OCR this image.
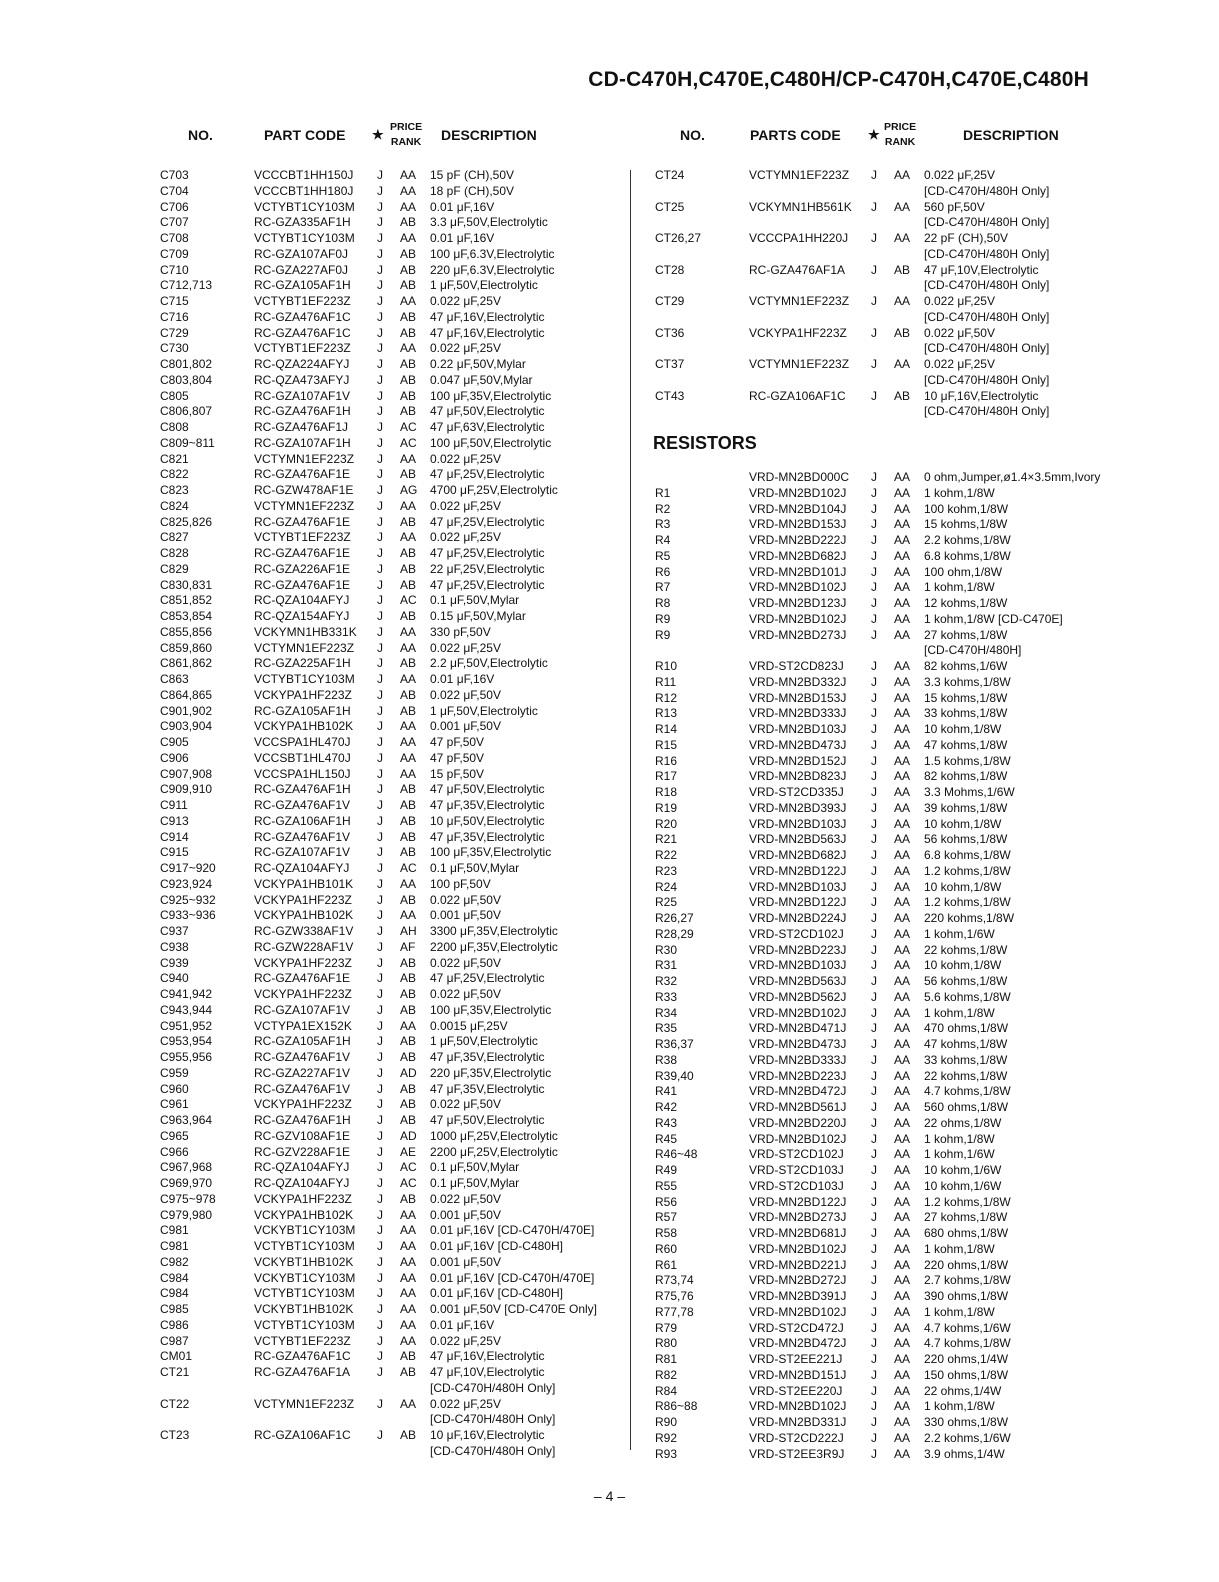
CD-C470H,C470E,C480H/CP-C470H,C470E,C480H
NO.	PART CODE ★ PRICE
RANK DESCRIPTION
C703	VCCCBT1HH150J J AA 15 pF (CH),50V
C704	VCCCBT1HH180J J AA 18 pF (CH),50V
C706	VCTYBT1CY103M J AA 0.01 μF,16V
C707	RC-GZA335AF1H J AB 3.3 μF,50V,Electrolytic
C708	VCTYBT1CY103M J AA 0.01 μF,16V
C709	RC-GZA107AF0J J AB 100 μF,6.3V,Electrolytic
C710	RC-GZA227AF0J J AB 220 μF,6.3V,Electrolytic
C712,713	RC-GZA105AF1H J AB 1 μF,50V,Electrolytic
C715	VCTYBT1EF223Z J AA 0.022 μF,25V
C716	RC-GZA476AF1C J AB 47 μF,16V,Electrolytic
C729	RC-GZA476AF1C J AB 47 μF,16V,Electrolytic
C730	VCTYBT1EF223Z J AA 0.022 μF,25V
C801,802	RC-QZA224AFYJ J AB 0.22 μF,50V,Mylar
C803,804	RC-QZA473AFYJ J AB 0.047 μF,50V,Mylar
C805	RC-GZA107AF1V J AB 100 μF,35V,Electrolytic
C806,807	RC-GZA476AF1H J AB 47 μF,50V,Electrolytic
C808	RC-GZA476AF1J J AC 47 μF,63V,Electrolytic
C809~811	RC-GZA107AF1H J AC 100 μF,50V,Electrolytic
C821	VCTYMN1EF223Z J AA 0.022 μF,25V
C822	RC-GZA476AF1E J AB 47 μF,25V,Electrolytic
C823	RC-GZW478AF1E J AG 4700 μF,25V,Electrolytic
C824	VCTYMN1EF223Z J AA 0.022 μF,25V
C825,826	RC-GZA476AF1E J AB 47 μF,25V,Electrolytic
C827	VCTYBT1EF223Z J AA 0.022 μF,25V
C828	RC-GZA476AF1E J AB 47 μF,25V,Electrolytic
C829	RC-GZA226AF1E J AB 22 μF,25V,Electrolytic
C830,831	RC-GZA476AF1E J AB 47 μF,25V,Electrolytic
C851,852	RC-QZA104AFYJ J AC 0.1 μF,50V,Mylar
C853,854	RC-QZA154AFYJ J AB 0.15 μF,50V,Mylar
C855,856	VCKYMN1HB331K J AA 330 pF,50V
C859,860	VCTYMN1EF223Z J AA 0.022 μF,25V
C861,862	RC-GZA225AF1H J AB 2.2 μF,50V,Electrolytic
C863	VCTYBT1CY103M J AA 0.01 μF,16V
C864,865	VCKYPA1HF223Z J AB 0.022 μF,50V
C901,902	RC-GZA105AF1H J AB 1 μF,50V,Electrolytic
C903,904	VCKYPA1HB102K J AA 0.001 μF,50V
C905	VCCSPA1HL470J J AA 47 pF,50V
C906	VCCSBT1HL470J J AA 47 pF,50V
C907,908	VCCSPA1HL150J J AA 15 pF,50V
C909,910	RC-GZA476AF1H J AB 47 μF,50V,Electrolytic
C911	RC-GZA476AF1V J AB 47 μF,35V,Electrolytic
C913	RC-GZA106AF1H J AB 10 μF,50V,Electrolytic
C914	RC-GZA476AF1V J AB 47 μF,35V,Electrolytic
C915	RC-GZA107AF1V J AB 100 μF,35V,Electrolytic
C917~920	RC-QZA104AFYJ J AC 0.1 μF,50V,Mylar
C923,924	VCKYPA1HB101K J AA 100 pF,50V
C925~932	VCKYPA1HF223Z J AB 0.022 μF,50V
C933~936	VCKYPA1HB102K J AA 0.001 μF,50V
C937	RC-GZW338AF1V J AH 3300 μF,35V,Electrolytic
C938	RC-GZW228AF1V J AF 2200 μF,35V,Electrolytic
C939	VCKYPA1HF223Z J AB 0.022 μF,50V
C940	RC-GZA476AF1E J AB 47 μF,25V,Electrolytic
C941,942	VCKYPA1HF223Z J AB 0.022 μF,50V
C943,944	RC-GZA107AF1V J AB 100 μF,35V,Electrolytic
C951,952	VCTYPA1EX152K J AA 0.0015 μF,25V
C953,954	RC-GZA105AF1H J AB 1 μF,50V,Electrolytic
C955,956	RC-GZA476AF1V J AB 47 μF,35V,Electrolytic
C959	RC-GZA227AF1V J AD 220 μF,35V,Electrolytic
C960	RC-GZA476AF1V J AB 47 μF,35V,Electrolytic
C961	VCKYPA1HF223Z J AB 0.022 μF,50V
C963,964	RC-GZA476AF1H J AB 47 μF,50V,Electrolytic
C965	RC-GZV108AF1E J AD 1000 μF,25V,Electrolytic
C966	RC-GZV228AF1E J AE 2200 μF,25V,Electrolytic
C967,968	RC-QZA104AFYJ J AC 0.1 μF,50V,Mylar
C969,970	RC-QZA104AFYJ J AC 0.1 μF,50V,Mylar
C975~978	VCKYPA1HF223Z J AB 0.022 μF,50V
C979,980	VCKYPA1HB102K J AA 0.001 μF,50V
C981	VCKYBT1CY103M J AA 0.01 μF,16V [CD-C470H/470E]
C981	VCTYBT1CY103M J AA 0.01 μF,16V [CD-C480H]
C982	VCKYBT1HB102K J AA 0.001 μF,50V
C984	VCKYBT1CY103M J AA 0.01 μF,16V [CD-C470H/470E]
C984	VCTYBT1CY103M J AA 0.01 μF,16V [CD-C480H]
C985	VCKYBT1HB102K J AA 0.001 μF,50V [CD-C470E Only]
C986	VCTYBT1CY103M J AA 0.01 μF,16V
C987	VCTYBT1EF223Z J AA 0.022 μF,25V
CM01	RC-GZA476AF1C J AB 47 μF,16V,Electrolytic
CT21	RC-GZA476AF1A J AB 47 μF,10V,Electrolytic
[CD-C470H/480H Only]
CT22	VCTYMN1EF223Z J AA 0.022 μF,25V
[CD-C470H/480H Only]
CT23	RC-GZA106AF1C J AB 10 μF,16V,Electrolytic
[CD-C470H/480H Only]
NO.	PARTS CODE ★ PRICE
RANK	DESCRIPTION
CT24	VCTYMN1EF223Z J AA 0.022 μF,25V
[CD-C470H/480H Only]
CT25	VCKYMN1HB561K J AA 560 pF,50V
[CD-C470H/480H Only]
CT26,27	VCCCPA1HH220J J AA 22 pF (CH),50V
[CD-C470H/480H Only]
CT28	RC-GZA476AF1A J AB 47 μF,10V,Electrolytic
[CD-C470H/480H Only]
CT29	VCTYMN1EF223Z J AA 0.022 μF,25V
[CD-C470H/480H Only]
CT36	VCKYPA1HF223Z J AB 0.022 μF,50V
[CD-C470H/480H Only]
CT37	VCTYMN1EF223Z J AA 0.022 μF,25V
[CD-C470H/480H Only]
CT43	RC-GZA106AF1C J AB 10 μF,16V,Electrolytic
[CD-C470H/480H Only]
RESISTORS
VRD-MN2BD000C J AA 0 ohm,Jumper,ø1.4×3.5mm,Ivory
R1	VRD-MN2BD102J J AA 1 kohm,1/8W
R2	VRD-MN2BD104J J AA 100 kohm,1/8W
R3	VRD-MN2BD153J J AA 15 kohms,1/8W
R4	VRD-MN2BD222J J AA 2.2 kohms,1/8W
R5	VRD-MN2BD682J J AA 6.8 kohms,1/8W
R6	VRD-MN2BD101J J AA 100 ohm,1/8W
R7	VRD-MN2BD102J J AA 1 kohm,1/8W
R8	VRD-MN2BD123J J AA 12 kohms,1/8W
R9	VRD-MN2BD102J J AA 1 kohm,1/8W [CD-C470E]
R9	VRD-MN2BD273J J AA 27 kohms,1/8W
[CD-C470H/480H]
R10	VRD-ST2CD823J J AA 82 kohms,1/6W
R11	VRD-MN2BD332J J AA 3.3 kohms,1/8W
R12	VRD-MN2BD153J J AA 15 kohms,1/8W
R13	VRD-MN2BD333J J AA 33 kohms,1/8W
R14	VRD-MN2BD103J J AA 10 kohm,1/8W
R15	VRD-MN2BD473J J AA 47 kohms,1/8W
R16	VRD-MN2BD152J J AA 1.5 kohms,1/8W
R17	VRD-MN2BD823J J AA 82 kohms,1/8W
R18	VRD-ST2CD335J J AA 3.3 Mohms,1/6W
R19	VRD-MN2BD393J J AA 39 kohms,1/8W
R20	VRD-MN2BD103J J AA 10 kohm,1/8W
R21	VRD-MN2BD563J J AA 56 kohms,1/8W
R22	VRD-MN2BD682J J AA 6.8 kohms,1/8W
R23	VRD-MN2BD122J J AA 1.2 kohms,1/8W
R24	VRD-MN2BD103J J AA 10 kohm,1/8W
R25	VRD-MN2BD122J J AA 1.2 kohms,1/8W
R26,27	VRD-MN2BD224J J AA 220 kohms,1/8W
R28,29	VRD-ST2CD102J J AA 1 kohm,1/6W
R30	VRD-MN2BD223J J AA 22 kohms,1/8W
R31	VRD-MN2BD103J J AA 10 kohm,1/8W
R32	VRD-MN2BD563J J AA 56 kohms,1/8W
R33	VRD-MN2BD562J J AA 5.6 kohms,1/8W
R34	VRD-MN2BD102J J AA 1 kohm,1/8W
R35	VRD-MN2BD471J J AA 470 ohms,1/8W
R36,37	VRD-MN2BD473J J AA 47 kohms,1/8W
R38	VRD-MN2BD333J J AA 33 kohms,1/8W
R39,40	VRD-MN2BD223J J AA 22 kohms,1/8W
R41	VRD-MN2BD472J J AA 4.7 kohms,1/8W
R42	VRD-MN2BD561J J AA 560 ohms,1/8W
R43	VRD-MN2BD220J J AA 22 ohms,1/8W
R45	VRD-MN2BD102J J AA 1 kohm,1/8W
R46~48	VRD-ST2CD102J J AA 1 kohm,1/6W
R49	VRD-ST2CD103J J AA 10 kohm,1/6W
R55	VRD-ST2CD103J J AA 10 kohm,1/6W
R56	VRD-MN2BD122J J AA 1.2 kohms,1/8W
R57	VRD-MN2BD273J J AA 27 kohms,1/8W
R58	VRD-MN2BD681J J AA 680 ohms,1/8W
R60	VRD-MN2BD102J J AA 1 kohm,1/8W
R61	VRD-MN2BD221J J AA 220 ohms,1/8W
R73,74	VRD-MN2BD272J J AA 2.7 kohms,1/8W
R75,76	VRD-MN2BD391J J AA 390 ohms,1/8W
R77,78	VRD-MN2BD102J J AA 1 kohm,1/8W
R79	VRD-ST2CD472J J AA 4.7 kohms,1/6W
R80	VRD-MN2BD472J J AA 4.7 kohms,1/8W
R81	VRD-ST2EE221J J AA 220 ohms,1/4W
R82	VRD-MN2BD151J J AA 150 ohms,1/8W
R84	VRD-ST2EE220J J AA 22 ohms,1/4W
R86~88	VRD-MN2BD102J J AA 1 kohm,1/8W
R90	VRD-MN2BD331J J AA 330 ohms,1/8W
R92	VRD-ST2CD222J J AA 2.2 kohms,1/6W
R93	VRD-ST2EE3R9J J AA 3.9 ohms,1/4W
– 4 –
